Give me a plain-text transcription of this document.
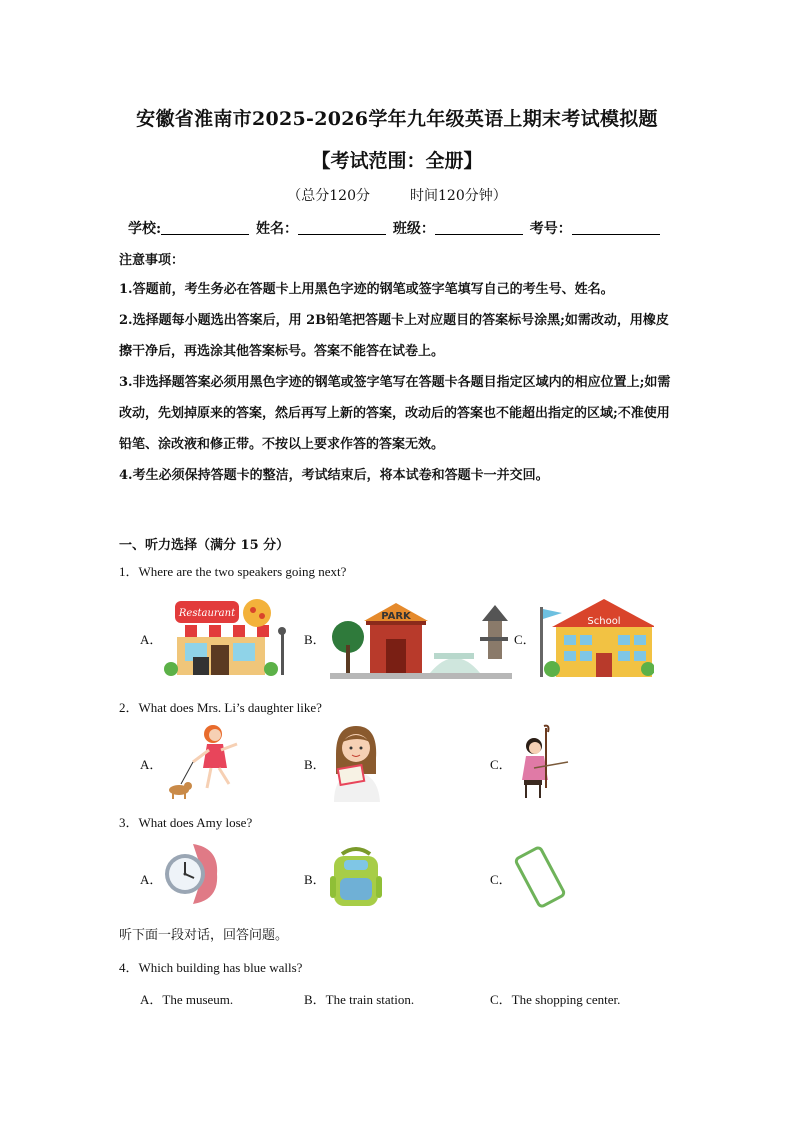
安徽省淮南市2025-2026学年九年级英语上期末考试模拟题
【考试范围：全册】
（总分120分	时间120分钟）
学校:	姓名：	班级：	考号：
注意事项：
1.答题前，考生务必在答题卡上用黑色字迹的钢笔或签字笔填写自己的考生号、姓名。
2.选择题每小题选出答案后，用 2B铅笔把答题卡上对应题目的答案标号涂黑;如需改动，用橡皮擦干净后，再选涂其他答案标号。答案不能答在试卷上。
3.非选择题答案必须用黑色字迹的钢笔或签字笔写在答题卡各题目指定区域内的相应位置上;如需改动，先划掉原来的答案，然后再写上新的答案，改动后的答案也不能超出指定的区域;不准使用铅笔、涂改液和修正带。不按以上要求作答的答案无效。
4.考生必须保持答题卡的整洁，考试结束后，将本试卷和答题卡一并交回。
一、听力选择（满分 15 分）
1．Where are the two speakers going next?
A．
Restaurant
B．
PARK
C．
School
2．What does Mrs. Li’s daughter like?
A．	B．	C．
3．What does Amy lose?
A．	B．	C．
听下面一段对话，回答问题。
4．Which building has blue walls?
A．The museum.	B．The train station.	C．The shopping center.
